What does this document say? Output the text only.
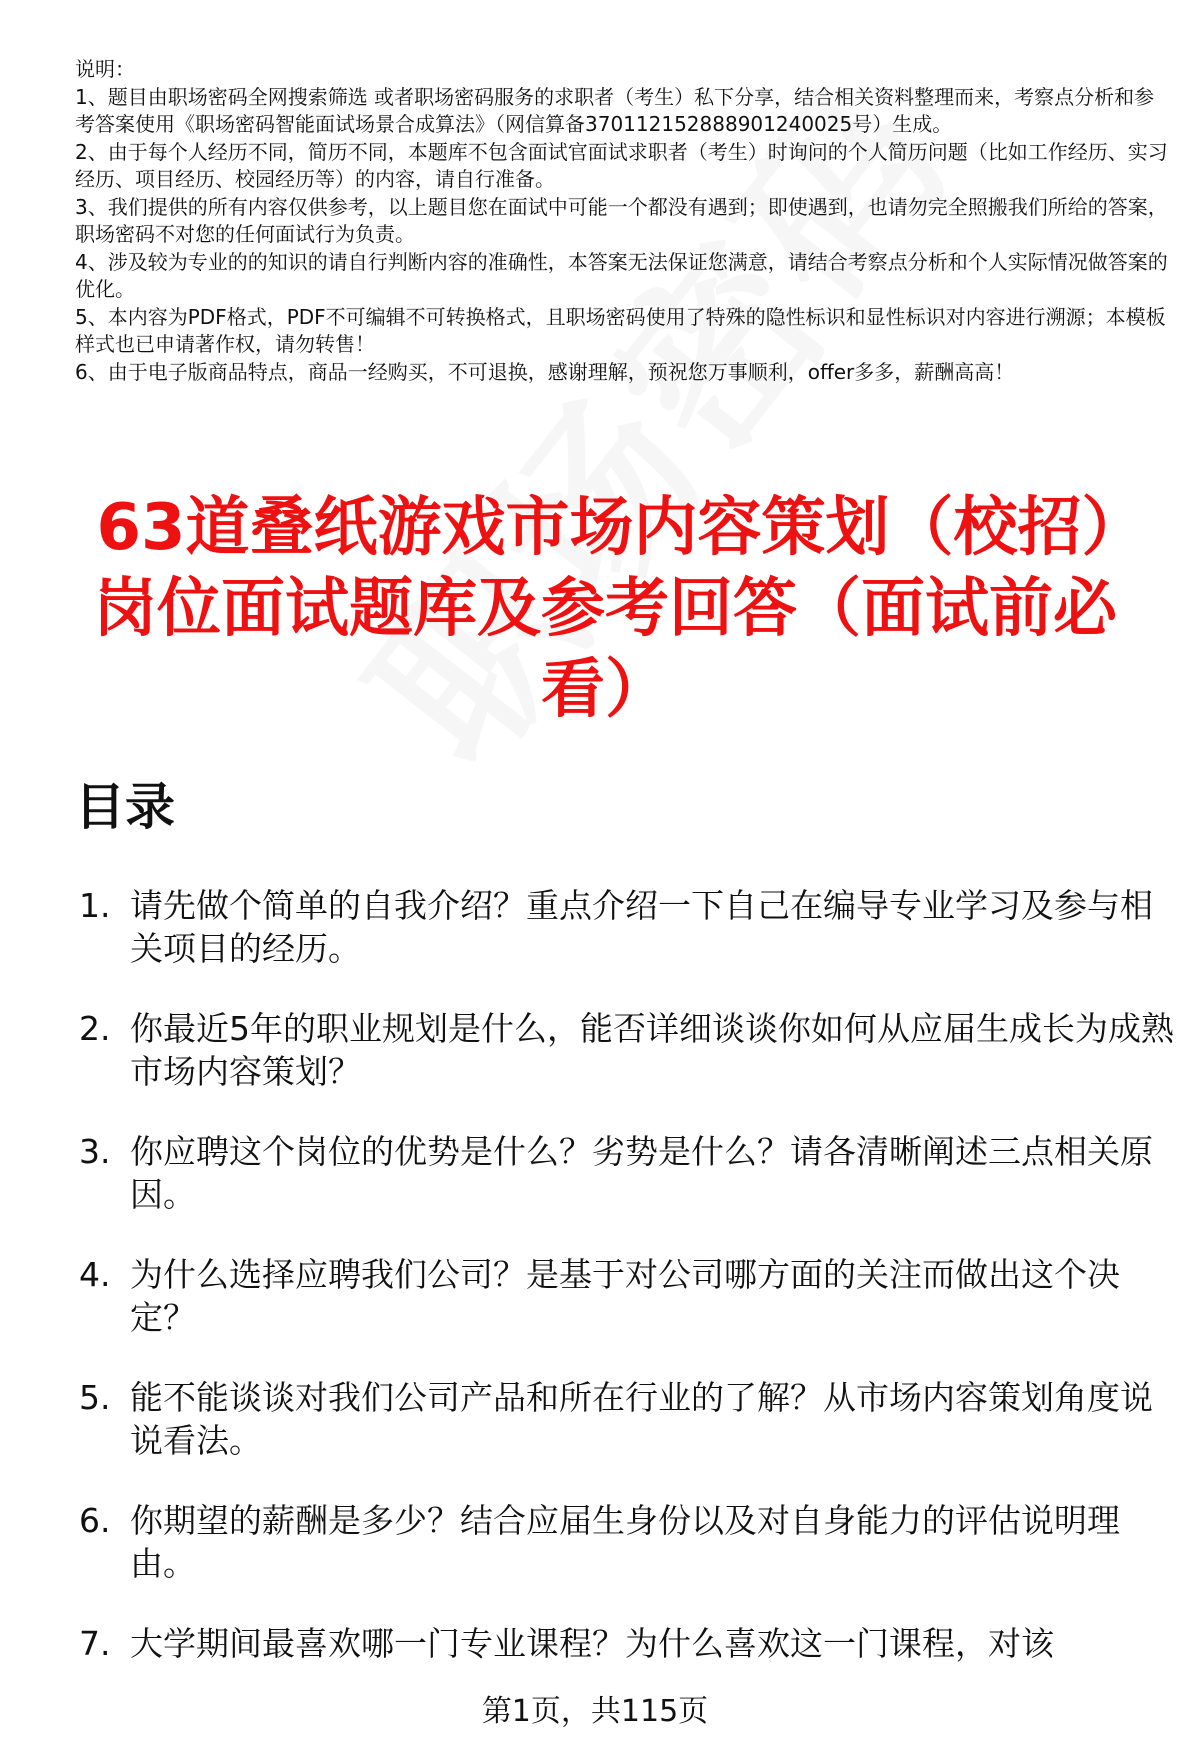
说明：

1、题目由职场密码全网搜索筛选 或者职场密码服务的求职者（考生）私下分享，结合相关资料整理而来，考察点分析和参考答案使用《职场密码智能面试场景合成算法》（网信算备370112152888901240025号）生成。

2、由于每个人经历不同，简历不同，本题库不包含面试官面试求职者（考生）时询问的个人简历问题（比如工作经历、实习经历、项目经历、校园经历等）的内容，请自行准备。

3、我们提供的所有内容仅供参考，以上题目您在面试中可能一个都没有遇到；即使遇到，也请勿完全照搬我们所给的答案，职场密码不对您的任何面试行为负责。

4、涉及较为专业的的知识的请自行判断内容的准确性，本答案无法保证您满意，请结合考察点分析和个人实际情况做答案的优化。

5、本内容为PDF格式，PDF不可编辑不可转换格式，且职场密码使用了特殊的隐性标识和显性标识对内容进行溯源；本模板样式也已申请著作权，请勿转售！

6、由于电子版商品特点，商品一经购买，不可退换，感谢理解，预祝您万事顺利，offer多多，薪酬高高！

63道叠纸游戏市场内容策划（校招）岗位面试题库及参考回答（面试前必看）
目录
1. 请先做个简单的自我介绍？重点介绍一下自己在编导专业学习及参与相关项目的经历。
2. 你最近5年的职业规划是什么，能否详细谈谈你如何从应届生成长为成熟市场内容策划？
3. 你应聘这个岗位的优势是什么？劣势是什么？请各清晰阐述三点相关原因。
4. 为什么选择应聘我们公司？是基于对公司哪方面的关注而做出这个决定？
5. 能不能谈谈对我们公司产品和所在行业的了解？从市场内容策划角度说说看法。
6. 你期望的薪酬是多少？结合应届生身份以及对自身能力的评估说明理由。
7. 大学期间最喜欢哪一门专业课程？为什么喜欢这一门课程，对该
第1页，共115页
